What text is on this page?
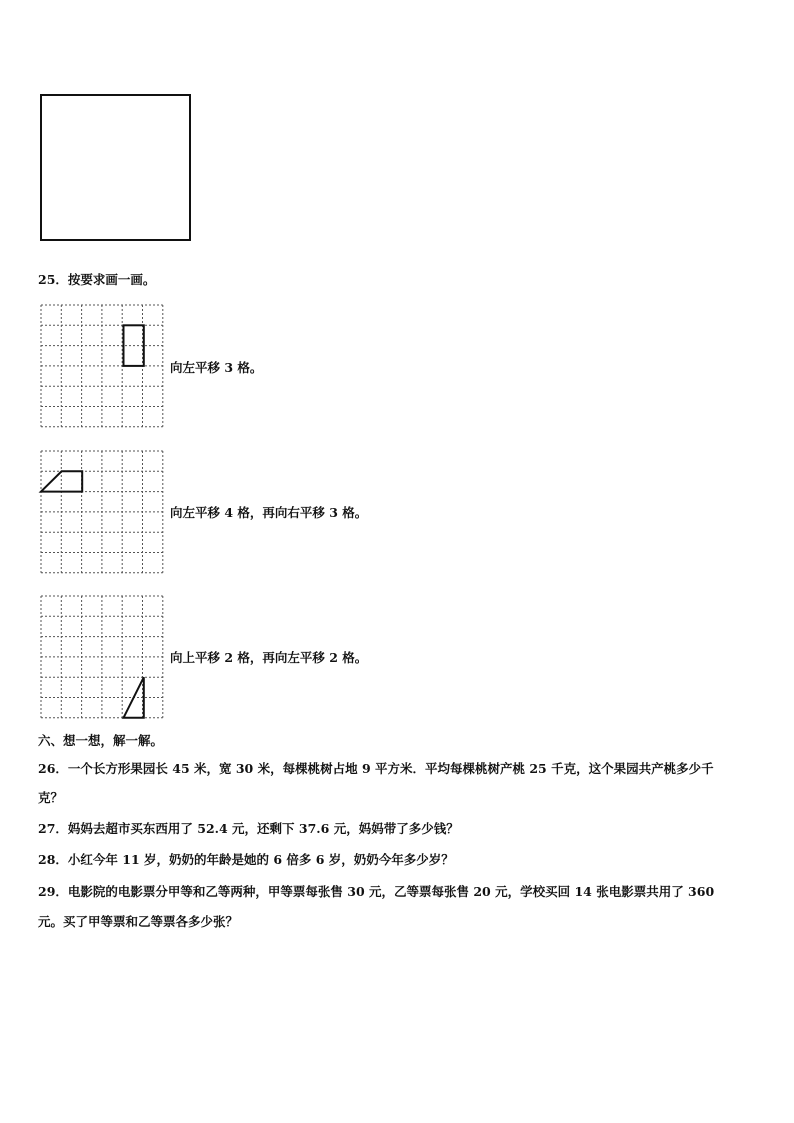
25．按要求画一画。
向左平移 3 格。
向左平移 4 格，再向右平移 3 格。
向上平移 2 格，再向左平移 2 格。
六、想一想，解一解。
26．一个长方形果园长 45 米，宽 30 米，每棵桃树占地 9 平方米．平均每棵桃树产桃 25 千克，这个果园共产桃多少千
克？
27．妈妈去超市买东西用了 52.4 元，还剩下 37.6 元，妈妈带了多少钱？
28．小红今年 11 岁，奶奶的年龄是她的 6 倍多 6 岁，奶奶今年多少岁？
29．电影院的电影票分甲等和乙等两种，甲等票每张售 30 元，乙等票每张售 20 元，学校买回 14 张电影票共用了 360
元。买了甲等票和乙等票各多少张？
